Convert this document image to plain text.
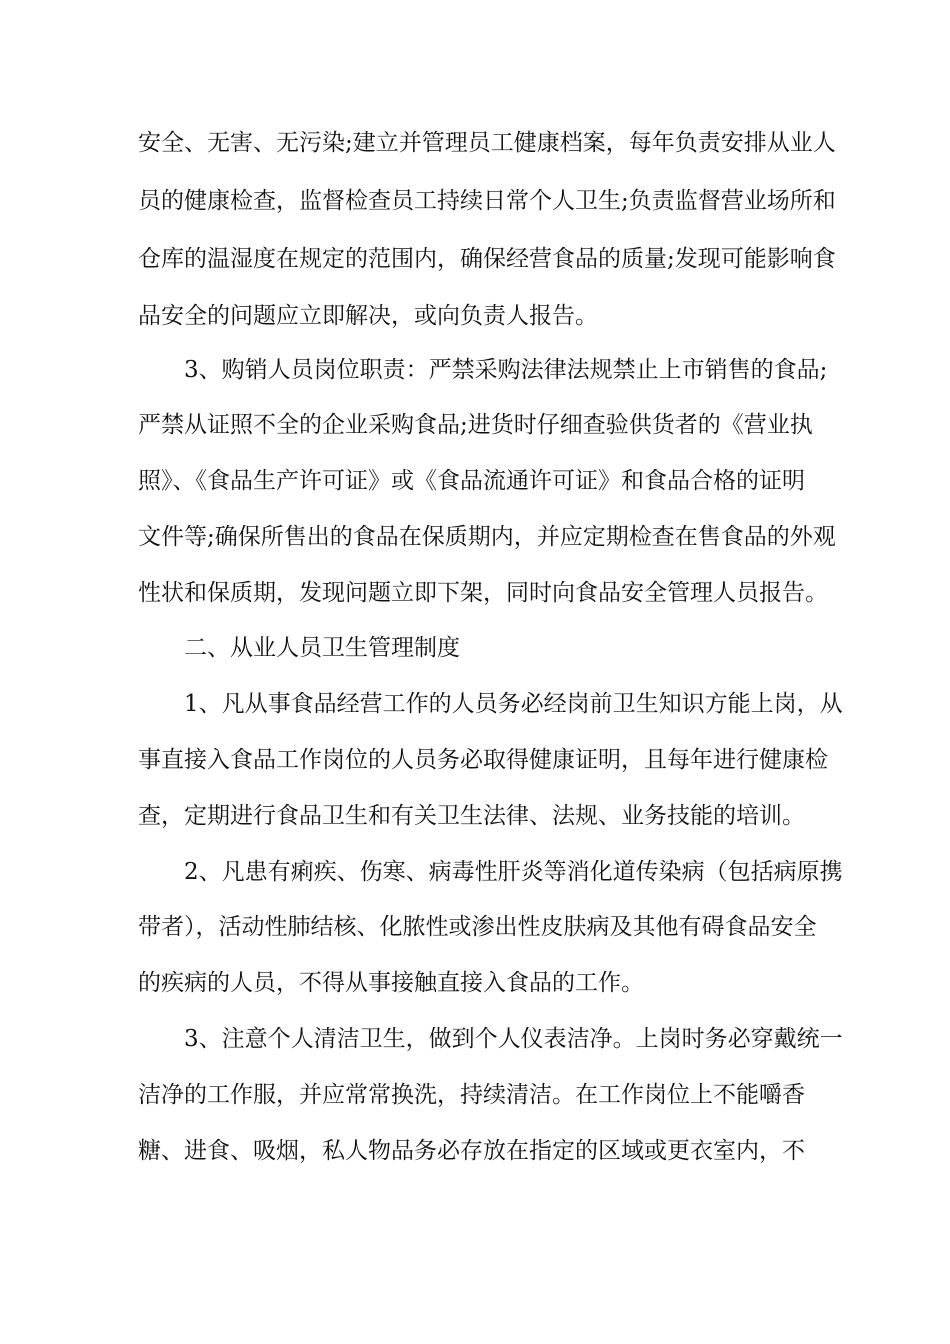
安全、无害、无污染;建立并管理员工健康档案，每年负责安排从业人

员的健康检查，监督检查员工持续日常个人卫生;负责监督营业场所和

仓库的温湿度在规定的范围内，确保经营食品的质量;发现可能影响食

品安全的问题应立即解决，或向负责人报告。

3、购销人员岗位职责：严禁采购法律法规禁止上市销售的食品;

严禁从证照不全的企业采购食品;进货时仔细查验供货者的《营业执

照》、《食品生产许可证》或《食品流通许可证》和食品合格的证明

文件等;确保所售出的食品在保质期内，并应定期检查在售食品的外观

性状和保质期，发现问题立即下架，同时向食品安全管理人员报告。

二、从业人员卫生管理制度

1、凡从事食品经营工作的人员务必经岗前卫生知识方能上岗，从

事直接入食品工作岗位的人员务必取得健康证明，且每年进行健康检

查，定期进行食品卫生和有关卫生法律、法规、业务技能的培训。

2、凡患有痢疾、伤寒、病毒性肝炎等消化道传染病（包括病原携

带者），活动性肺结核、化脓性或渗出性皮肤病及其他有碍食品安全

的疾病的人员，不得从事接触直接入食品的工作。

3、注意个人清洁卫生，做到个人仪表洁净。上岗时务必穿戴统一

洁净的工作服，并应常常换洗，持续清洁。在工作岗位上不能嚼香

糖、进食、吸烟，私人物品务必存放在指定的区域或更衣室内，不
